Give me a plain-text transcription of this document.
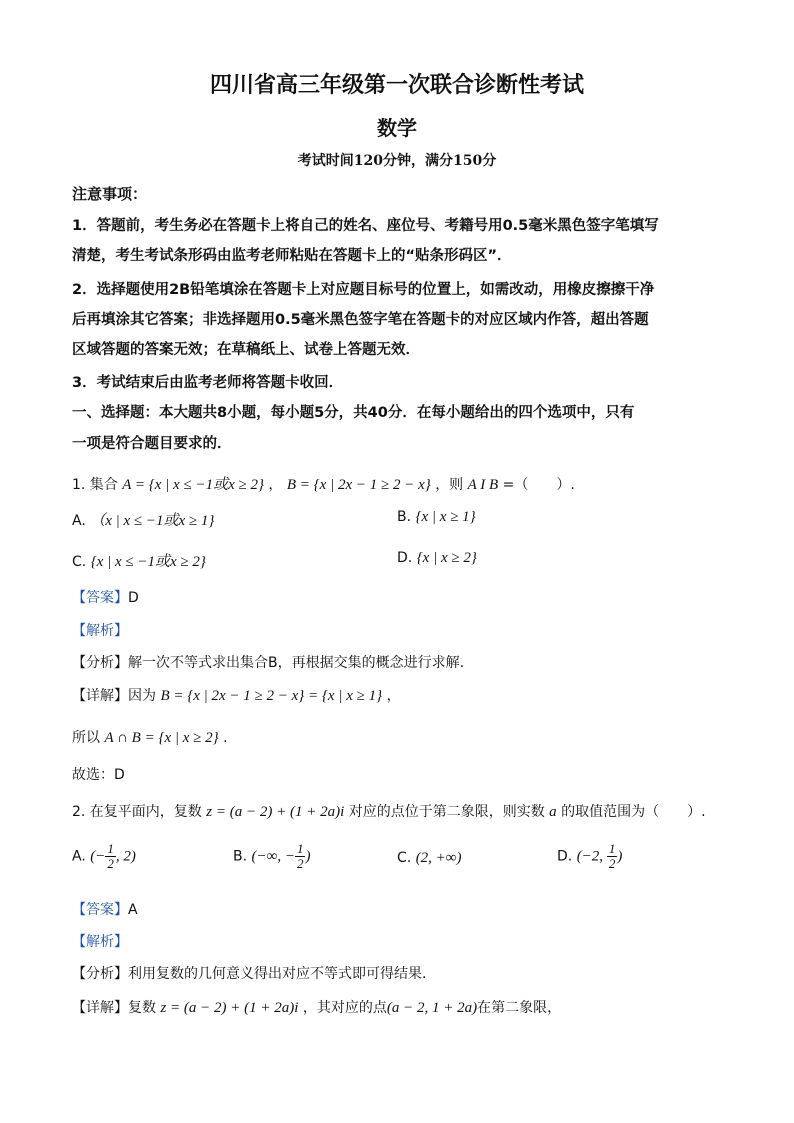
四川省高三年级第一次联合诊断性考试
数学
考试时间120分钟，满分150分
注意事项：
1．答题前，考生务必在答题卡上将自己的姓名、座位号、考籍号用0.5毫米黑色签字笔填写
清楚，考生考试条形码由监考老师粘贴在答题卡上的“贴条形码区”．
2．选择题使用2B铅笔填涂在答题卡上对应题目标号的位置上，如需改动，用橡皮擦擦干净
后再填涂其它答案；非选择题用0.5毫米黑色签字笔在答题卡的对应区域内作答，超出答题
区域答题的答案无效；在草稿纸上、试卷上答题无效．
3．考试结束后由监考老师将答题卡收回．
一、选择题：本大题共8小题，每小题5分，共40分．在每小题给出的四个选项中，只有
一项是符合题目要求的．
1. 集合 A = {x | x ≤ −1或x ≥ 2} ， B = {x | 2x − 1 ≥ 2 − x} ，则 A I B =（　　）.
A. （x | x ≤ −1或x ≥ 1}	B. {x | x ≥ 1}
C. {x | x ≤ −1或x ≥ 2}	D. {x | x ≥ 2}
【答案】D
【解析】
【分析】解一次不等式求出集合B，再根据交集的概念进行求解.
【详解】因为 B = {x | 2x − 1 ≥ 2 − x} = {x | x ≥ 1} ，
所以 A ∩ B = {x | x ≥ 2} .
故选：D
2. 在复平面内，复数 z = (a − 2) + (1 + 2a)i 对应的点位于第二象限，则实数 a 的取值范围为（　　）.
A. (− $\frac{1}{2}$ , 2)	B. (−∞, − $\frac{1}{2}$ )	C. (2, +∞)	D. (−2, $\frac{1}{2}$ )
【答案】A
【解析】
【分析】利用复数的几何意义得出对应不等式即可得结果.
【详解】复数 z = (a − 2) + (1 + 2a)i ，其对应的点(a − 2, 1 + 2a)在第二象限，
